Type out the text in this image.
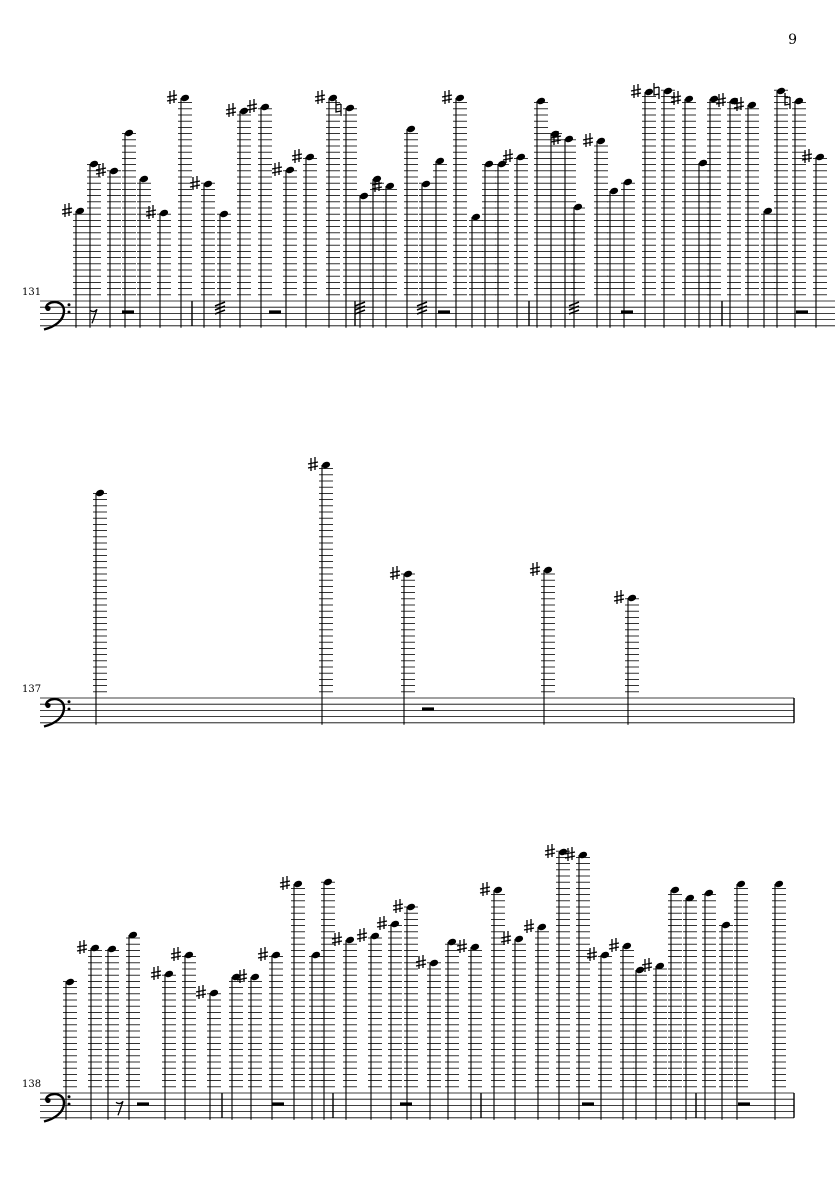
9
131
137
138
